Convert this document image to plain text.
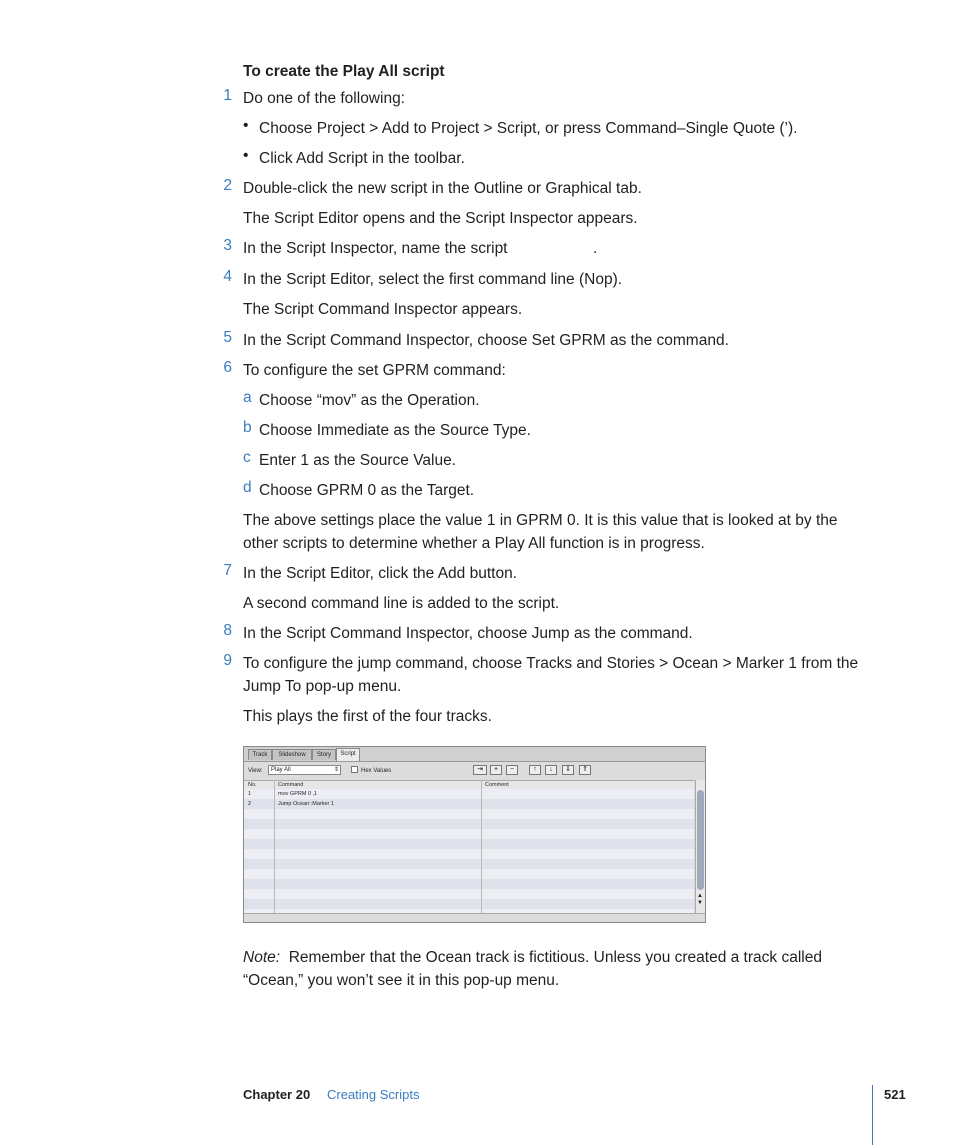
To create the Play All script
1 Do one of the following:
• Choose Project > Add to Project > Script, or press Command–Single Quote (’).
• Click Add Script in the toolbar.
2 Double-click the new script in the Outline or Graphical tab.
The Script Editor opens and the Script Inspector appears.
3 In the Script Inspector, name the script	.
4 In the Script Editor, select the first command line (Nop).
The Script Command Inspector appears.
5 In the Script Command Inspector, choose Set GPRM as the command.
6 To configure the set GPRM command:
a Choose “mov” as the Operation.
b Choose Immediate as the Source Type.
c Enter 1 as the Source Value.
d Choose GPRM 0 as the Target.
The above settings place the value 1 in GPRM 0. It is this value that is looked at by the other scripts to determine whether a Play All function is in progress.
7 In the Script Editor, click the Add button.
A second command line is added to the script.
8 In the Script Command Inspector, choose Jump as the command.
9 To configure the jump command, choose Tracks and Stories > Ocean > Marker 1 from the Jump To pop-up menu.
This plays the first of the four tracks.
Track	Slideshow	Story	Script
View:	Play All	⇕	Hex Values	⇥	+	−	↑	↓	⇓	⇑
No.	Command	Comment
1	mov GPRM 0 ,1
2	Jump Ocean::Marker 1
▲
▼
Note: Remember that the Ocean track is fictitious. Unless you created a track called “Ocean,” you won’t see it in this pop-up menu.
Chapter 20 Creating Scripts	521
